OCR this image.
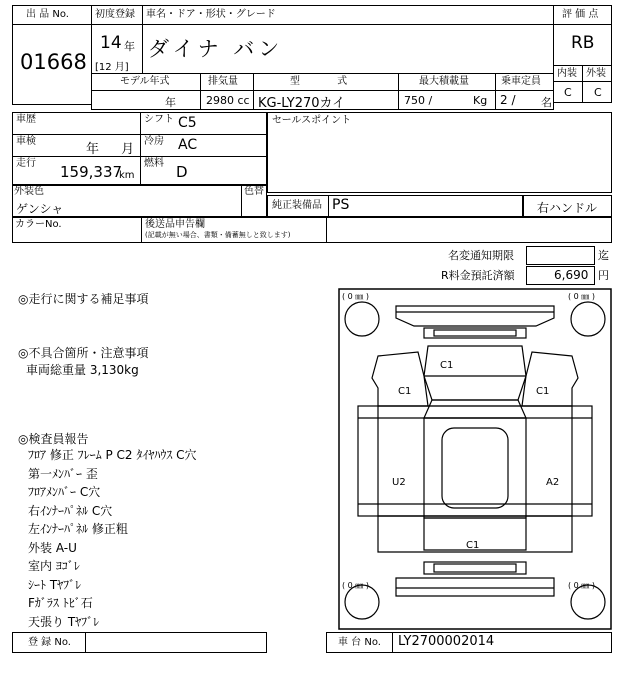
出 品 No.
01668
初度登録 車名・ドア・形状・グレード
14 年
[12 月]
ダイナ バン
モデル年式	排気量	型 式	最大積載量	乗車定員
年	2980 cc KG-LY270カイ	750 /	Kg 2 / 名
評 価 点
RB
内装 外装
C C
車歴	シフト C5
車検
年 月
冷房 AC
走行 159,337
km
燃料 D
セールスポイント
外装色
ゲンシャ
色替
純正装備品 PS	右ハンドル
カラーNo.	後送品申告欄
(記載が無い場合、書類・備蓄無しと致します)
名変通知期限	迄
R料金預託済額	6,690 円
◎走行に関する補足事項
◎不具合箇所・注意事項
車両総重量 3,130kg
◎検査員報告
ﾌﾛｱ 修正 ﾌﾚｰﾑ P C2 ﾀｲﾔﾊｳｽ C穴
第一ﾒﾝﾊﾞｰ 歪
ﾌﾛｱﾒﾝﾊﾞｰ C穴
右ｲﾝﾅｰﾊﾟﾈﾙ C穴
左ｲﾝﾅｰﾊﾟﾈﾙ 修正粗
外装 A-U
室内 ﾖｺﾞﾚ
ｼｰﾄ Tﾔﾌﾞﾚ
Fｶﾞﾗｽ ﾄﾋﾞ石
天張り Tﾔﾌﾞﾚ
( 0 ㎜ )	( 0 ㎜ )
( 0 ㎜ )	( 0 ㎜ )
C1
C1	C1
U2	A2
C1
登 録 No.	車 台 No. LY2700002014
